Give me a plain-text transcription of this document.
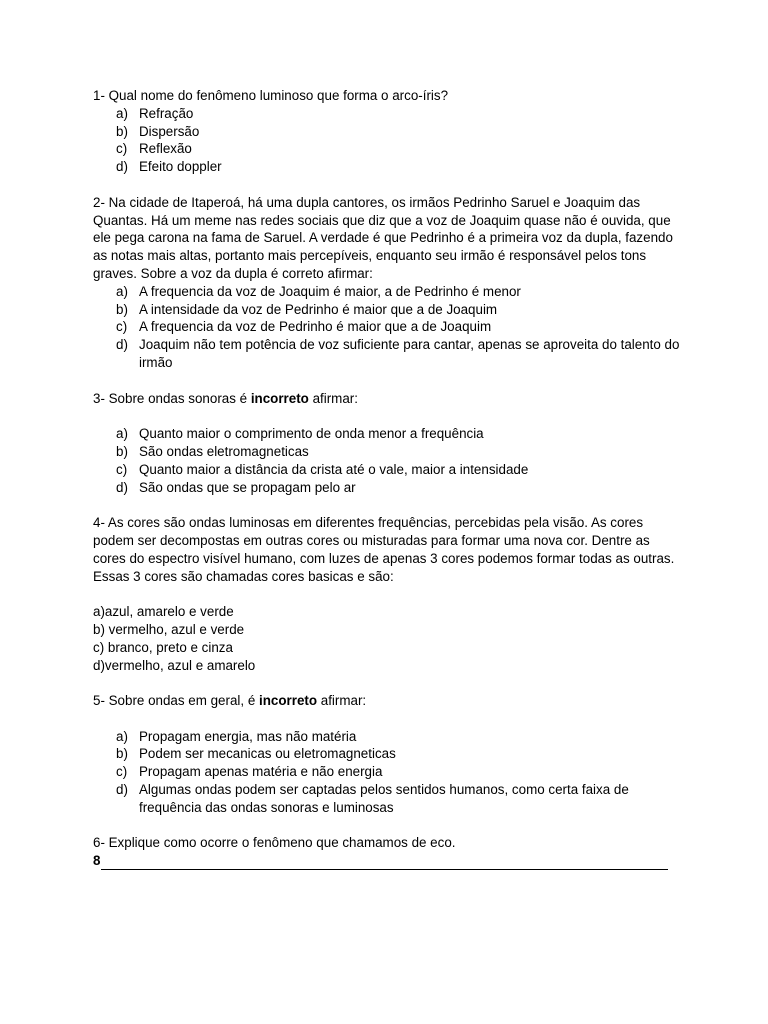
1- Qual nome do fenômeno luminoso que forma o arco-íris?

a) Refração
b) Dispersão
c) Reflexão
d) Efeito doppler

2- Na cidade de Itaperoá, há uma dupla cantores, os irmãos Pedrinho Saruel e Joaquim das Quantas. Há um meme nas redes sociais que diz que a voz de Joaquim quase não é ouvida, que ele pega carona na fama de Saruel. A verdade é que Pedrinho é a primeira voz da dupla, fazendo as notas mais altas, portanto mais percepíveis, enquanto seu irmão é responsável pelos tons graves. Sobre a voz da dupla é correto afirmar:

a) A frequencia da voz de Joaquim é maior, a de Pedrinho é menor
b) A intensidade da voz de Pedrinho é maior que a de Joaquim
c) A frequencia da voz de Pedrinho é maior que a de Joaquim
d) Joaquim não tem potência de voz suficiente para cantar, apenas se aproveita do talento do irmão

3- Sobre ondas sonoras é incorreto afirmar:

a) Quanto maior o comprimento de onda menor a frequência
b) São ondas eletromagneticas
c) Quanto maior a distância da crista até o vale, maior a intensidade
d) São ondas que se propagam pelo ar

4- As cores são ondas luminosas em diferentes frequências, percebidas pela visão. As cores podem ser decompostas em outras cores ou misturadas para formar uma nova cor. Dentre as cores do espectro visível humano, com luzes de apenas 3 cores podemos formar todas as outras. Essas 3 cores são chamadas cores basicas e são:

a)azul, amarelo e verde
b) vermelho, azul e verde
c) branco, preto e cinza
d)vermelho, azul e amarelo

5- Sobre ondas em geral, é incorreto afirmar:

a) Propagam energia, mas não matéria
b) Podem ser mecanicas ou eletromagneticas
c) Propagam apenas matéria e não energia
d) Algumas ondas podem ser captadas pelos sentidos humanos, como certa faixa de frequência das ondas sonoras e luminosas

6- Explique como ocorre o fenômeno que chamamos de eco.

8
